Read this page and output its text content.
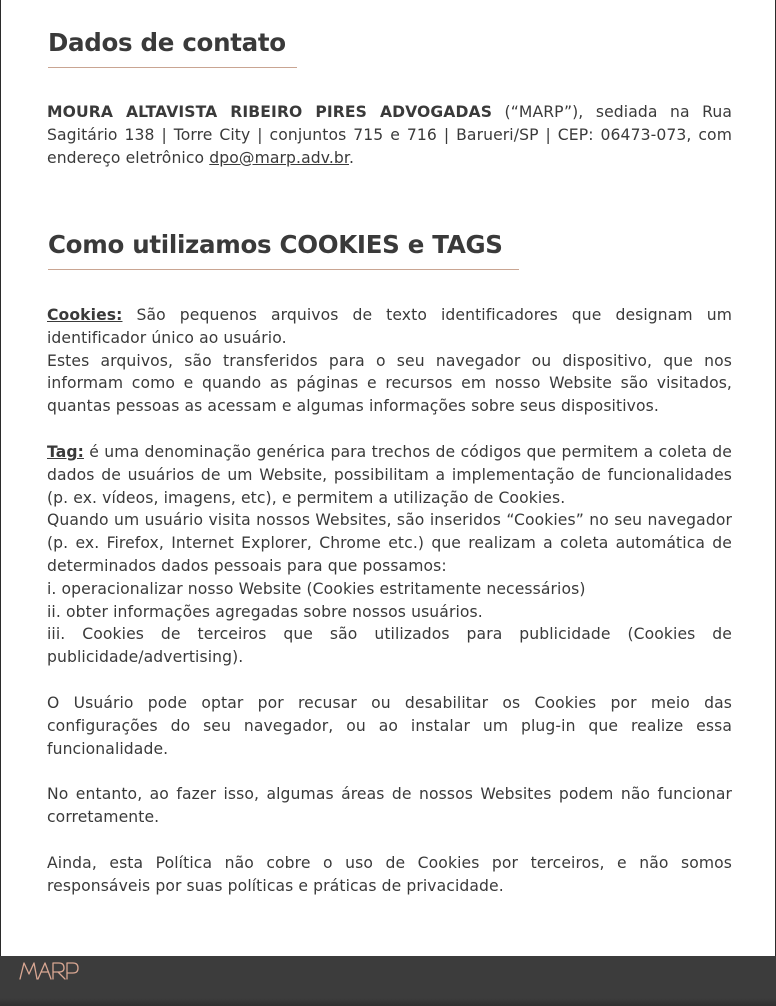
Dados de contato

MOURA ALTAVISTA RIBEIRO PIRES ADVOGADAS (“MARP”), sediada na Rua

Sagitário 138 | Torre City | conjuntos 715 e 716 | Barueri/SP | CEP: 06473-073, com

endereço eletrônico dpo@marp.adv.br.

Como utilizamos COOKIES e TAGS

Cookies: São pequenos arquivos de texto identificadores que designam um

identificador único ao usuário.

Estes arquivos, são transferidos para o seu navegador ou dispositivo, que nos

informam como e quando as páginas e recursos em nosso Website são visitados,

quantas pessoas as acessam e algumas informações sobre seus dispositivos.

Tag: é uma denominação genérica para trechos de códigos que permitem a coleta de

dados de usuários de um Website, possibilitam a implementação de funcionalidades

(p. ex. vídeos, imagens, etc), e permitem a utilização de Cookies.

Quando um usuário visita nossos Websites, são inseridos “Cookies” no seu navegador

(p. ex. Firefox, Internet Explorer, Chrome etc.) que realizam a coleta automática de

determinados dados pessoais para que possamos:

i. operacionalizar nosso Website (Cookies estritamente necessários)

ii. obter informações agregadas sobre nossos usuários.

iii. Cookies de terceiros que são utilizados para publicidade (Cookies de

publicidade/advertising).

O Usuário pode optar por recusar ou desabilitar os Cookies por meio das

configurações do seu navegador, ou ao instalar um plug-in que realize essa

funcionalidade.

No entanto, ao fazer isso, algumas áreas de nossos Websites podem não funcionar

corretamente.

Ainda, esta Política não cobre o uso de Cookies por terceiros, e não somos

responsáveis por suas políticas e práticas de privacidade.
